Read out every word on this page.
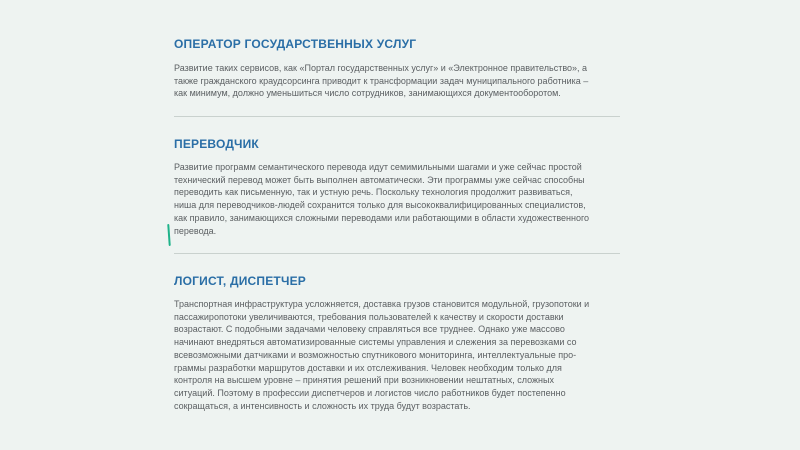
ОПЕРАТОР ГОСУДАРСТВЕННЫХ УСЛУГ

Развитие таких сервисов, как «Портал государственных услуг» и «Электронное правительство», а
также гражданского краудсорсинга приводит к трансформации задач муниципального работника –
как минимум, должно уменьшиться число сотрудников, занимающихся документооборотом.

ПЕРЕВОДЧИК

Развитие программ семантического перевода идут семимильными шагами и уже сейчас простой
технический перевод может быть выполнен автоматически. Эти программы уже сейчас способны
переводить как письменную, так и устную речь. Поскольку технология продолжит развиваться,
ниша для переводчиков-людей сохранится только для высококвалифицированных специалистов,
как правило, занимающихся сложными переводами или работающими в области художественного
перевода.

ЛОГИСТ, ДИСПЕТЧЕР

Транспортная инфраструктура усложняется, доставка грузов становится модульной, грузопотоки и
пассажиропотоки увеличиваются, требования пользователей к качеству и скорости доставки
возрастают. С подобными задачами человеку справляться все труднее. Однако уже массово
начинают внедряться автоматизированные системы управления и слежения за перевозками со
всевозможными датчиками и возможностью спутникового мониторинга, интеллектуальные про-
граммы разработки маршрутов доставки и их отслеживания. Человек необходим только для
контроля на высшем уровне – принятия решений при возникновении нештатных, сложных
ситуаций. Поэтому в профессии диспетчеров и логистов число работников будет постепенно
сокращаться, а интенсивность и сложность их труда будут возрастать.
